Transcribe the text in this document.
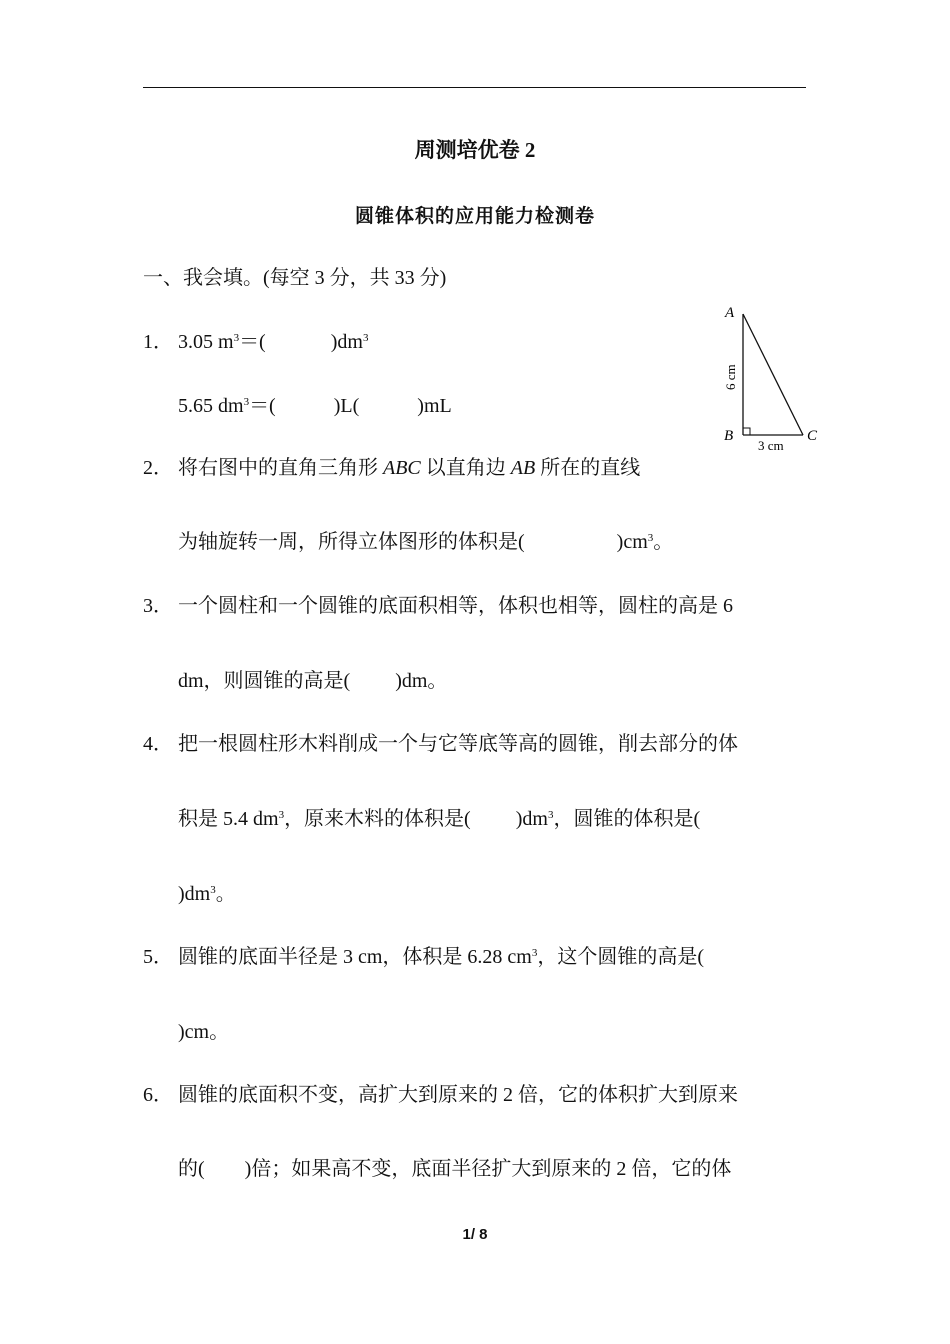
周测培优卷 2
圆锥体积的应用能力检测卷
一、我会填。(每空 3 分，共 33 分)
1． 3.05 $m^3=$(	)$dm^3$
5.65 $dm^3=$(	)L(	)mL
A
B	C
6 cm
3 cm
2． 将右图中的直角三角形 ABC 以直角边 AB 所在的直线
为轴旋转一周，所得立体图形的体积是(	)$cm^3$。
3． 一个圆柱和一个圆锥的底面积相等，体积也相等，圆柱的高是 6
dm，则圆锥的高是( )dm。
4． 把一根圆柱形木料削成一个与它等底等高的圆锥，削去部分的体
积是 5.4 $dm^3$，原来木料的体积是( )$dm^3$，圆锥的体积是(
)$dm^3$。
5． 圆锥的底面半径是 3 cm，体积是 6.28 $cm^3$，这个圆锥的高是(
)cm。
6． 圆锥的底面积不变，高扩大到原来的 2 倍，它的体积扩大到原来
的( )倍；如果高不变，底面半径扩大到原来的 2 倍，它的体
1/ 8
